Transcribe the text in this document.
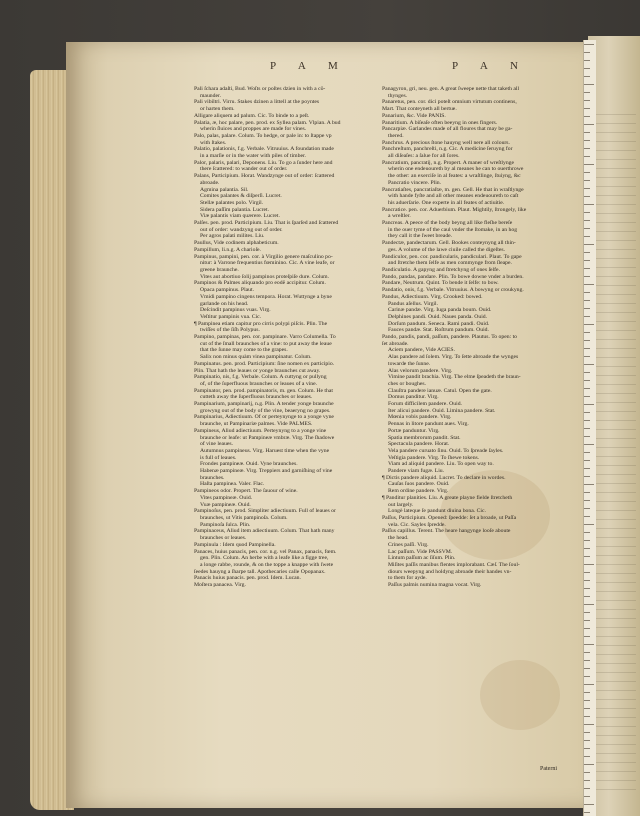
P A M	P A N
Pali ſchara adaſti, Bud. Woſts or poſtes dzien in with a cō-
maunder.
Pali vibiltri. Virru. Stakes dzinen a littell at the poyntes
or harten them.
Alligare aliquem ad palum. Cic. To binde to a peſt.
Palatia, æ, hoc palare, pen. prod. ex Syllea palam. Vlpian. A bud
wherin ſluices and proppes are made for vines.
Palo, palas, palare. Colum. To hedge, or pale in: to ſtappe vp
with ſtakes.
Palatio, palationis, f.g. Verbale. Vitruuius. A foundation made
in a marſie or in the water with piles of timber.
Palor, palaris, palari, Deponens. Liu. To go a ſunder here and
there ſcattered: to wander out of order.
Palans, Participium. Horat. Wandzynge out of order: ſcattered
abroade.
Agmina palantia. Sil.
Comites palantes & diſperſi. Lucret.
Stellæ palantes polo. Virgil.
Sidera paſſim palantia. Lucret.
Viæ palantis viam quærere. Lucret.
Palſes. pen. prod. Participium. Liu. That is ſparſed and ſcattered
out of order: wandzyng out of order.
Per agros palati milites. Liu.
Paullus, Vide codinem alphabeticum.
Pampillum, li.n.g. A charioſe.
Pampinus, pampini, pen. cor. à Virgilio genere maſculino po-
nitur: à Varrone frequentius fœminino. Cic. A vine leafe, or
greene braunche.
Vites aut abortiuo ſolij pampinos proteſpiſe dure. Colum.
Pampinos & Palmes aliquando pro eodē accipitur. Colum.
Opaca pampinus. Plaut.
Vmidi pampino cingens tempora. Horat. Wuttynge a byne
garlande on his head.
Deſcindit pampinus vuas. Virg.
Veſtitur pampinis vua. Cic.
¶ Pampinea etiam capitur pro cirris polypi piſcis. Plin. The
twiſſes of the ſiſh Polypus.
Pampino, pampinas, pen. cor. pampinare. Varro Columella. To
cut of the ſmall braunches of a vine: to put away the leaue
that the ſunne may come to the grapes.
Salix non minus quàm vinea pampinatur. Colum.
Pampinatus. pen. prod. Participium: ſine nomen ex participio.
Plin. That hath the leaues or yonge braunches cut away.
Pampinatio, nis, f.g. Verbale. Colum. A cuttyng or pullyng
of, of the ſuperfluous braunches or leaues of a vine.
Pampinator, pen. prod. pampinatoris, m. gen. Colum. He that
cutteth away the ſuperfluous braunches or leaues.
Pampinarium, pampinarij, n.g. Plin. A tender yonge braunche
growyng out of the body of the vine, beaeryng no grapes.
Pampinarius, Adiectiuum. Of or perteynynge to a yonge vyne
braunche, ut Pampinariæ palmes. Vide PALMES.
Pampineus, Aliud adiectiuum. Perteynyng to a yonge vine
braunche or leafe: ut Pampineæ vmbræ. Virg. The ſhadowe
of vine leaues.
Autumnus pampineus. Virg. Haruest time when the vyne
is full of leaues.
Frondes pampineæ. Ouid. Vyne braunches.
Habenæ pampineæ. Virg. Treppiers and garniſhing of vine
braunches.
Haſta pampinea. Valer. Flac.
Pampineos odor. Propert. The ſauour of wine.
Vites pampineæ. Ouid.
Vuæ pampineæ. Ouid.
Pampinoſus, pen. prod. Simpliter adiectiuum. Full of leaues or
braunches, ut Vitis pampinoſa. Colum.
Pampinoſa ſulca. Plin.
Pampinaceus, Aliud item adiectiuum. Colum. That hath many
braunches or leaues.
Pampinula : Idem quod Pampinella.
Panaces, huius panacis, pen. cor. n.g. vel Panax, panacis, fœm.
gen. Plin. Colum. An herbe with a leafe like a figge tree,
a longe rabbe, rounde, & on the toppe a knappe with ſwete
ſeedes hauyng a ſharpe tall. Apothecaries calle Opopanax.
Panacis huius panacis. pen. prod. Idem. Lucan.
Moſtera panacea. Virg.
Panagyron, gri, neu. gen. A great ſweepe nette that taketh all
thynges.
Panaretus, pen. cor. dici poteſt omnium virtutum continens,
Mart. That conteyneth all bertue.
Panarium, &c. Vide PANIS.
Panaritium. A biſeaſe often beeyng in ones fingers.
Pancarpiæ. Garlandes made of all floures that may be ga-
thered.
Panchrus. A precious ſtone hauyng well nere all colours.
Panchreſtum, panchreſti, n.g. Cic. A medicine ſeruyng for
all diſeaſes: a ſalue for all ſores.
Pancratium, pancratij, n.g. Propert. A maner of wreſtlynge
wherin one endeuoureth by al meanes he can to ouerthrowe
the other: an exerciſe in al feates: a wraſtlinge, ſtuiyng, &c
Pancratio vincere. Plin.
Pancratiaſtes, pancratiaſtæ, m. gen. Gell. He that in wraſtlynge
with hande fyſte and all other meanes endeuoureth to caſt
his aduerſarie. One experte in all feates of actiuitie.
Pancratice. pen. cor. Aduerbium. Plaut. Mightily, ſtrongely, like
a wreſtler.
Pancreas. A peece of the body beyng all like fleſhe bereſe
in the ouer tyme of the caul vnder the ſtomake, in an hog
they call it the ſweet breade.
Pandectæ, pandectarum. Gell. Bookes conteynyng all thin-
ges. A volume of the lawe ciuile called the digeſtes.
Pandiculor, pen. cor. pandicularis, pandiculari. Plaut. To gape
and ſtretche them ſelfe as men commynge from ſleape.
Pandiculatio. A gapyng and ſtretchyng of ones ſelfe.
Pando, pandas, pandare. Plin. To bowe downe vnder a burden.
Pandare, Neutrum. Quint. To bende it ſelfe: to bow.
Pandatio, onis, f.g. Verbale. Vitruuius. A bowyng or croukyng.
Pandus, Adiectiuum. Virg. Crooked: bowed.
Pandus aſellus. Virgil.
Carinæ pandæ. Virg. Iuga panda boum. Ouid.
Delphines pandi. Ouid. Naues panda. Ouid.
Dorſum pandum. Seneca. Rami pandi. Ouid.
Fauces pandæ. Stat. Roſtrum pandum. Ouid.
Pando, pandis, pandi, paſſum, pandere. Plautus. To open: to
ſet abroade.
Aciem pandere, Vide ACIES.
Alas pandere ad ſolem. Virg. To ſette abroade the wynges
towarde the ſunne.
Alas velorum pandere. Virg.
Vimine pandit brachia. Virg. The elme ſpeadeth the braun-
ches or boughes.
Clauſtra pandere ianuæ. Catul. Open the gate.
Domus panditur. Virg.
Forum difficilem pandere. Ouid.
Iter alicui pandere. Ouid. Limina pandere. Stat.
Mœnia vobis pandere. Virg.
Pennas in litore pandunt aues. Virg.
Portæ panduntur. Virg.
Spatia membrorum pandit. Stat.
Spectacula pandere. Horat.
Vela pandere curuato ſinu. Ouid. To ſpreade ſayles.
Veſtigia pandere. Virg. To ſhewe tokens.
Viam ad aliquid pandere. Liu. To open way to.
Pandere viam fugæ. Liu.
¶ Dictis pandere aliquid. Lucret. To declare in wordes.
Cauſas ſuos pandere. Ouid.
Rem ordine pandere. Virg.
¶ Panditur planities. Liu. A greate playne fielde ſtretcheth
out largely.
Longè lateque ſe pandunt diuina bona. Cic.
Paſſus, Participium. Opened: ſpeedde: ſet a broade, ut Paſſa
vela. Cic. Sayles ſpredde.
Paſſus capillus. Terent. The heare hangynge looſe aboute
the head.
Crines paſſi. Virg.
Lac paſſum. Vide PASSVM.
Lintum paſſum ac ſiſum. Plin.
Miſites paſſis manibus flentes implorabant. Cæſ. The ſoul-
diours weepyng and holdyng abroade their handes vn-
to them for ayde.
Paſſus palmis numina magna vocat. Virg.
Paterni
